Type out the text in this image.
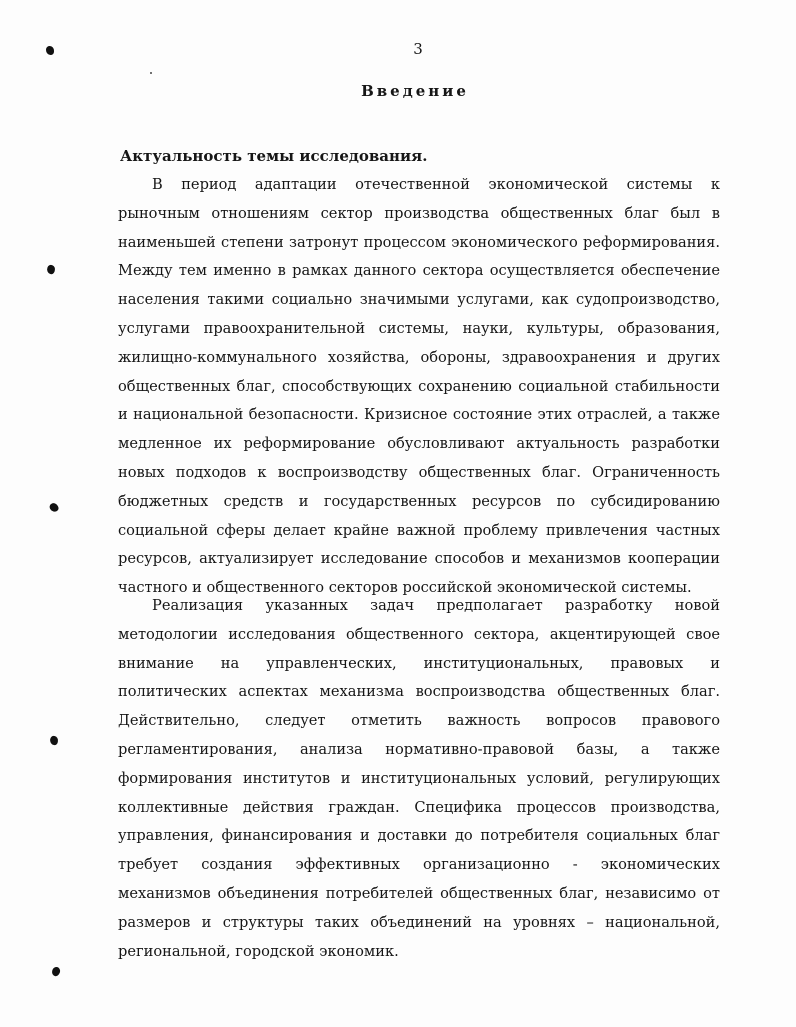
3
Введение
Актуальность темы исследования.

В период адаптации отечественной экономической системы к рыночным отношениям сектор производства общественных благ был в наименьшей степени затронут процессом экономического реформирования. Между тем именно в рамках данного сектора осуществляется обеспечение населения такими социально значимыми услугами, как судопроизводство, услугами правоохранительной системы, науки, культуры, образования, жилищно-коммунального хозяйства, обороны, здравоохранения и других общественных благ, способствующих сохранению социальной стабильности и национальной безопасности. Кризисное состояние этих отраслей, а также медленное их реформирование обусловливают актуальность разработки новых подходов к воспроизводству общественных благ. Ограниченность бюджетных средств и государственных ресурсов по субсидированию социальной сферы делает крайне важной проблему привлечения частных ресурсов, актуализирует исследование способов и механизмов кооперации частного и общественного секторов российской экономической системы.

Реализация указанных задач предполагает разработку новой методологии исследования общественного сектора, акцентирующей свое внимание на управленческих, институциональных, правовых и политических аспектах механизма воспроизводства общественных благ. Действительно, следует отметить важность вопросов правового регламентирования, анализа нормативно-правовой базы, а также формирования институтов и институциональных условий, регулирующих коллективные действия граждан. Специфика процессов производства, управления, финансирования и доставки до потребителя социальных благ требует создания эффективных организационно - экономических механизмов объединения потребителей общественных благ, независимо от размеров и структуры таких объединений на уровнях – национальной, региональной, городской экономик.
